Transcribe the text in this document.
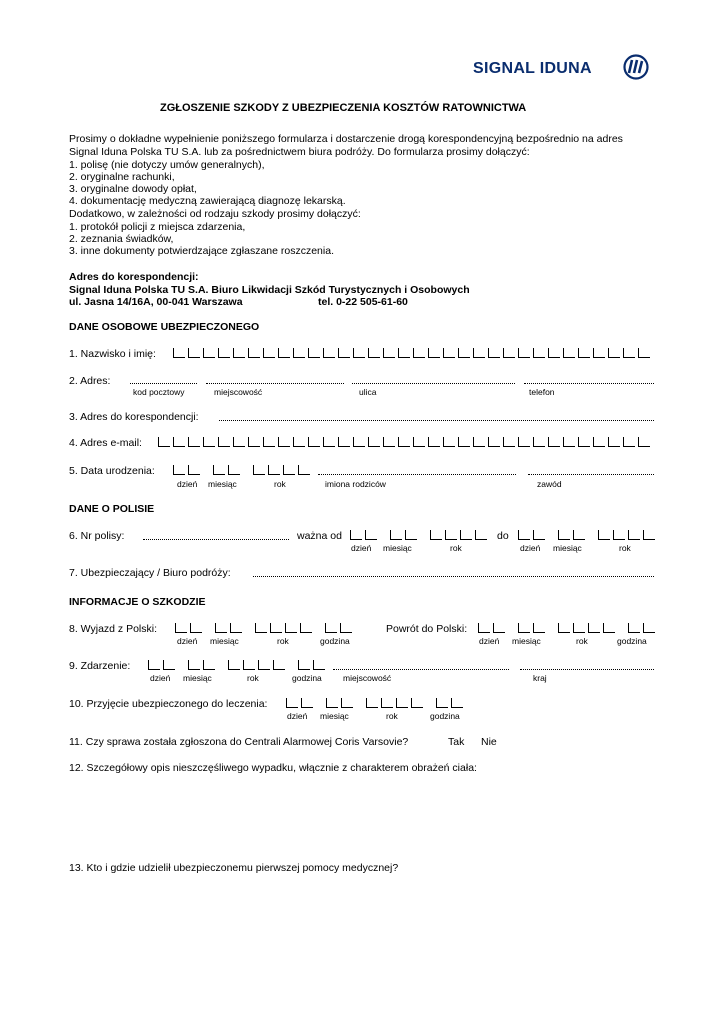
SIGNAL IDUNA
ZGŁOSZENIE SZKODY Z UBEZPIECZENIA KOSZTÓW RATOWNICTWA
Prosimy o dokładne wypełnienie poniższego formularza i dostarczenie drogą korespondencyjną bezpośrednio na adres
Signal Iduna Polska TU S.A. lub za pośrednictwem biura podróży. Do formularza prosimy dołączyć:
1. polisę (nie dotyczy umów generalnych),
2. oryginalne rachunki,
3. oryginalne dowody opłat,
4. dokumentację medyczną zawierającą diagnozę lekarską.
Dodatkowo, w zależności od rodzaju szkody prosimy dołączyć:
1. protokół policji z miejsca zdarzenia,
2. zeznania świadków,
3. inne dokumenty potwierdzające zgłaszane roszczenia.
Adres do korespondencji:
Signal Iduna Polska TU S.A. Biuro Likwidacji Szkód Turystycznych i Osobowych
ul. Jasna 14/16A, 00-041 Warszawa	tel. 0-22 505-61-60
DANE OSOBOWE UBEZPIECZONEGO
1. Nazwisko i imię:
2. Adres:
kod pocztowy	miejscowość	ulica	telefon
3. Adres do korespondencji:
4. Adres e-mail:
5. Data urodzenia:
dzień miesiąc	rok	imiona rodziców	zawód
DANE O POLISIE
6. Nr polisy:	ważna od	do
dzień miesiąc	rok	dzień miesiąc	rok
7. Ubezpieczający / Biuro podróży:
INFORMACJE O SZKODZIE
8. Wyjazd z Polski:	Powrót do Polski:
dzień miesiąc	rok	godzina	dzień miesiąc	rok	godzina
9. Zdarzenie:
dzień miesiąc	rok	godzina miejscowość	kraj
10. Przyjęcie ubezpieczonego do leczenia:
dzień miesiąc	rok	godzina
11. Czy sprawa została zgłoszona do Centrali Alarmowej Coris Varsovie?	Tak Nie
12. Szczegółowy opis nieszczęśliwego wypadku, włącznie z charakterem obrażeń ciała:
13. Kto i gdzie udzielił ubezpieczonemu pierwszej pomocy medycznej?
